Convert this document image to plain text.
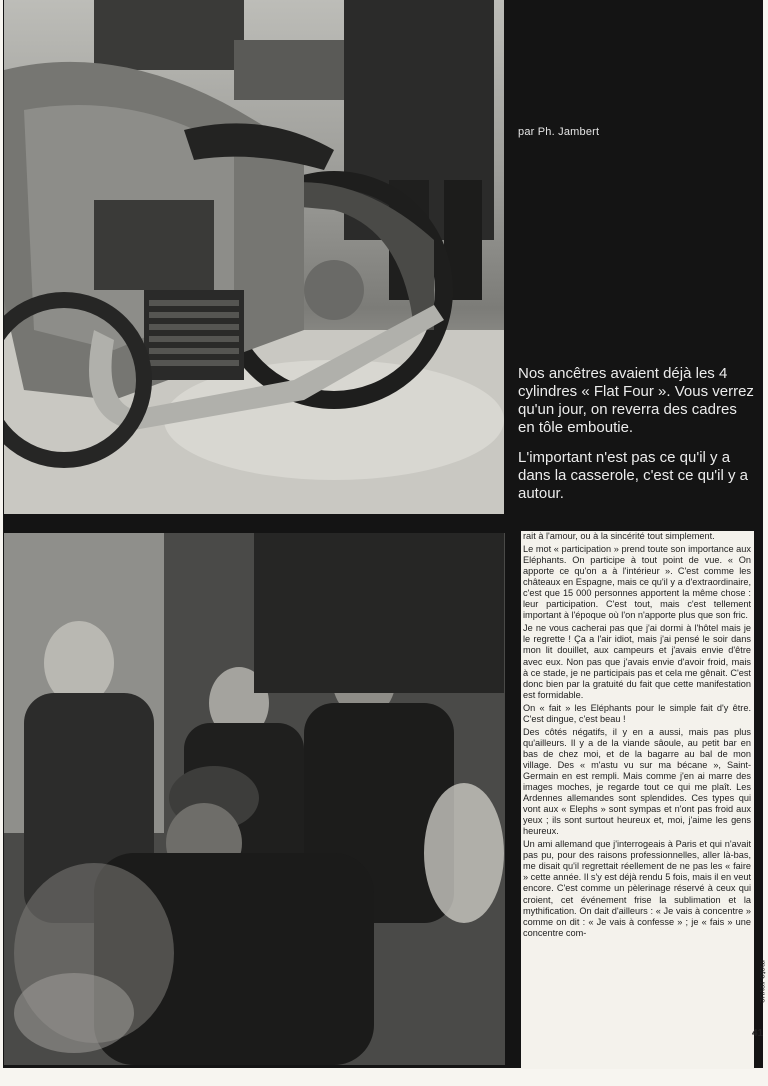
par Ph. Jambert

Nos ancêtres avaient déjà les 4 cylindres « Flat Four ». Vous verrez qu'un jour, on reverra des cadres en tôle emboutie.

L'important n'est pas ce qu'il y a dans la casserole, c'est ce qu'il y a autour.

rait à l'amour, ou à la sincérité tout simplement.

Le mot « participation » prend toute son importance aux Eléphants. On participe à tout point de vue. « On apporte ce qu'on a à l'intérieur ». C'est comme les châteaux en Espagne, mais ce qu'il y a d'extraordinaire, c'est que 15 000 personnes apportent la même chose : leur participation. C'est tout, mais c'est tellement important à l'époque où l'on n'apporte plus que son fric.

Je ne vous cacherai pas que j'ai dormi à l'hôtel mais je le regrette ! Ça a l'air idiot, mais j'ai pensé le soir dans mon lit douillet, aux campeurs et j'avais envie d'être avec eux. Non pas que j'avais envie d'avoir froid, mais à ce stade, je ne participais pas et cela me gênait. C'est donc bien par la gratuité du fait que cette manifestation est formidable.

On « fait » les Eléphants pour le simple fait d'y être. C'est dingue, c'est beau !

Des côtés négatifs, il y en a aussi, mais pas plus qu'ailleurs. Il y a de la viande sâoule, au petit bar en bas de chez moi, et de la bagarre au bal de mon village. Des « m'astu vu sur ma bécane », Saint-Germain en est rempli. Mais comme j'en ai marre des images moches, je regarde tout ce qui me plaît. Les Ardennes allemandes sont splendides. Ces types qui vont aux « Elephs » sont sympas et n'ont pas froid aux yeux ; ils sont surtout heureux et, moi, j'aime les gens heureux.

Un ami allemand que j'interrogeais à Paris et qui n'avait pas pu, pour des raisons professionnelles, aller là-bas, me disait qu'il regrettait réellement de ne pas les « faire » cette année. Il s'y est déjà rendu 5 fois, mais il en veut encore. C'est comme un pèlerinage réservé à ceux qui croient, cet événement frise la sublimation et la mythification. On dait d'ailleurs : « Je vais à concentre » comme on dit : « Je vais à confesse » ; je « fais » une concentre com-

moto-revue
41
